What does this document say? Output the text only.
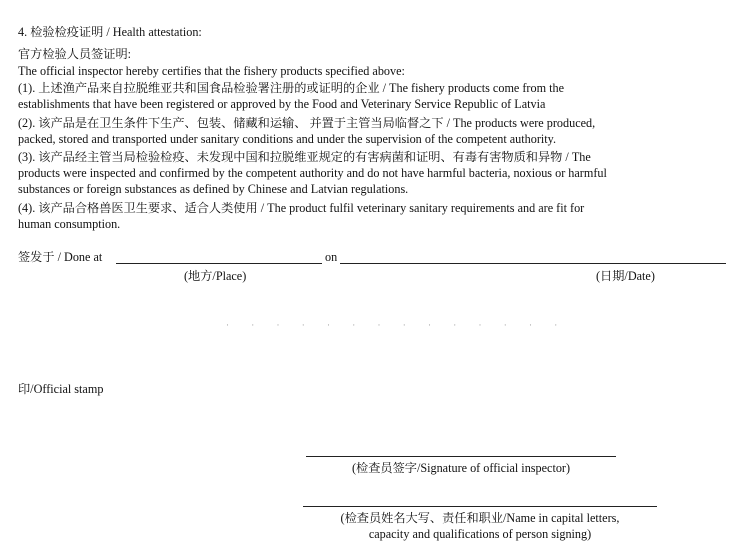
4. 检验检疫证明 / Health attestation:
官方检验人员签证明:
The official inspector hereby certifies that the fishery products specified above:
(1). 上述渔产品来自拉脱维亚共和国食品检验署注册的或证明的企业 / The fishery products come from the
establishments that have been registered or approved by the Food and Veterinary Service Republic of Latvia
(2). 该产品是在卫生条件下生产、包装、储藏和运输、 并置于主管当局临督之下 / The products were produced,
packed, stored and transported under sanitary conditions and under the supervision of the competent authority.
(3). 该产品经主管当局检验检疫、未发现中国和拉脱维亚规定的有害病菌和证明、有毒有害物质和异物 / The
products were inspected and confirmed by the competent authority and do not have harmful bacteria, noxious or harmful
substances or foreign substances as defined by Chinese and Latvian regulations.
(4). 该产品合格兽医卫生要求、适合人类使用 / The product fulfil veterinary sanitary requirements and are fit for
human consumption.
签发于 / Done at	on
(地方/Place)	(日期/Date)
· · · · · · · · · · · · · ·
印/Official stamp
(检查员签字/Signature of official inspector)
(检查员姓名大写、责任和职业/Name in capital letters,
capacity and qualifications of person signing)
